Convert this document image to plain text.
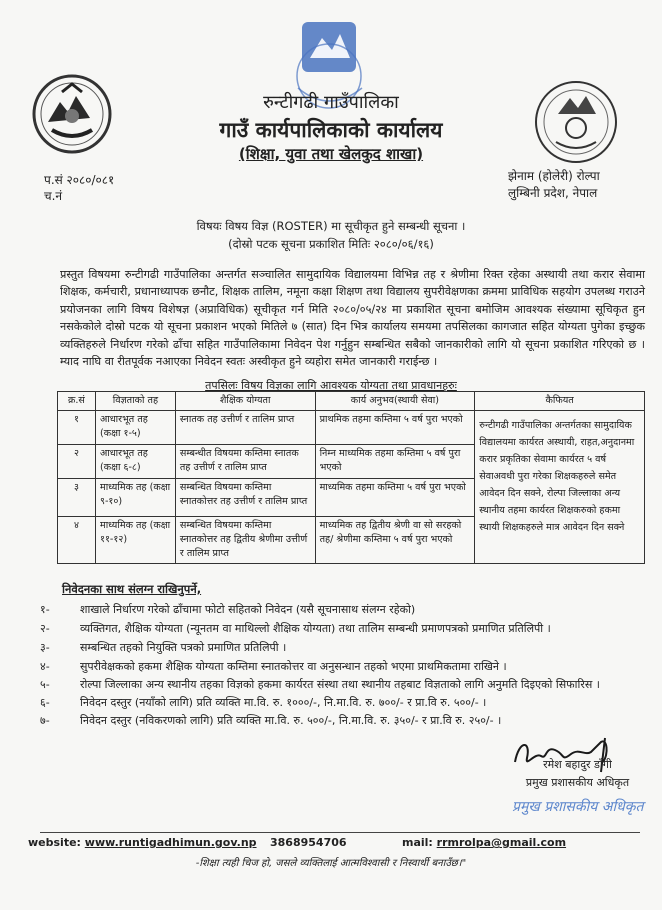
रुन्टीगढी गाउँपालिका
गाउँ कार्यपालिकाको कार्यालय
(शिक्षा, युवा तथा खेलकुद शाखा)
प.सं २०८०/०८१
च.नं
झेनाम (होलेरी) रोल्पा
लुम्बिनी प्रदेश, नेपाल
विषयः विषय विज्ञ (ROSTER) मा सूचीकृत हुने सम्बन्धी सूचना ।
(दोस्रो पटक सूचना प्रकाशित मितिः २०८०/०६/१६)
प्रस्तुत विषयमा रुन्टीगढी गाउँपालिका अन्तर्गत सञ्चालित सामुदायिक विद्यालयमा विभिन्न तह र श्रेणीमा रिक्त रहेका अस्थायी तथा करार सेवामा शिक्षक, कर्मचारी, प्रधानाध्यापक छनौट, शिक्षक तालिम, नमूना कक्षा शिक्षण तथा विद्यालय सुपरीवेक्षणका क्रममा प्राविधिक सहयोग उपलब्ध गराउने प्रयोजनका लागि विषय विशेषज्ञ (अप्राविधिक) सूचीकृत गर्न मिति २०८०/०५/२४ मा प्रकाशित सूचना बमोजिम आवश्यक संख्यामा सूचिकृत हुन नसकेकोले दोस्रो पटक यो सूचना प्रकाशन भएको मितिले ७ (सात) दिन भित्र कार्यालय समयमा तपसिलका कागजात सहित योग्यता पुगेका इच्छुक व्यक्तिहरुले निर्धारण गरेको ढाँचा सहित गाउँपालिकामा निवेदन पेश गर्नुहुन सम्बन्धित सबैको जानकारीको लागि यो सूचना प्रकाशित गरिएको छ । म्याद नाघि वा रीतपूर्वक नआएका निवेदन स्वतः अस्वीकृत हुने व्यहोरा समेत जानकारी गराईन्छ ।
तपसिलः विषय विज्ञका लागि आवश्यक योग्यता तथा प्रावधानहरुः
क्र.सं	विज्ञताको तह	शैक्षिक योग्यता	कार्य अनुभव(स्थायी सेवा)	कैफियत
१	आधारभूत तह (कक्षा १-५)	स्नातक तह उत्तीर्ण र तालिम प्राप्त	प्राथमिक तहमा कम्तिमा ५ वर्ष पुरा भएको	रुन्टीगढी गाउँपालिका अन्तर्गतका सामुदायिक विद्यालयमा कार्यरत अस्थायी, राहत,अनुदानमा करार प्रकृतिका सेवामा कार्यरत ५ वर्ष सेवाअवधी पुरा गरेका शिक्षकहरुले समेत आवेदन दिन सक्ने, रोल्पा जिल्लाका अन्य स्थानीय तहमा कार्यरत शिक्षकरुको हकमा स्थायी शिक्षकहरुले मात्र आवेदन दिन सक्ने
२	आधारभूत तह (कक्षा ६-८)	सम्बन्धीत विषयमा कम्तिमा स्नातक तह उत्तीर्ण र तालिम प्राप्त	निम्न माध्यमिक तहमा कम्तिमा ५ वर्ष पुरा भएको	
३	माध्यमिक तह (कक्षा ९-१०)	सम्बन्धित विषयमा कम्तिमा स्नातकोत्तर तह उत्तीर्ण र तालिम प्राप्त	माध्यमिक तहमा कम्तिमा ५ वर्ष पुरा भएको	
४	माध्यमिक तह (कक्षा ११-१२)	सम्बन्धित विषयमा कम्तिमा स्नातकोत्तर तह द्वितीय श्रेणीमा उत्तीर्ण र तालिम प्राप्त	माध्यमिक तह द्वितीय श्रेणी वा सो सरहको तह/ श्रेणीमा कम्तिमा ५ वर्ष पुरा भएको	
निवेदनका साथ संलग्न राखिनुपर्ने,
१-	शाखाले निर्धारण गरेको ढाँचामा फोटो सहितको निवेदन (यसै सूचनासाथ संलग्न रहेको)
२-	व्यक्तिगत, शैक्षिक योग्यता (न्यूनतम वा माथिल्लो शैक्षिक योग्यता) तथा तालिम सम्बन्धी प्रमाणपत्रको प्रमाणित प्रतिलिपी ।
३-	सम्बन्धित तहको नियुक्ति पत्रको प्रमाणित प्रतिलिपी ।
४-	सुपरीवेक्षकको हकमा शैक्षिक योग्यता कम्तिमा स्नातकोत्तर वा अनुसन्धान तहको भएमा प्राथमिकतामा राखिने ।
५-	रोल्पा जिल्लाका अन्य स्थानीय तहका विज्ञको हकमा कार्यरत संस्था तथा स्थानीय तहबाट विज्ञताको लागि अनुमति दिइएको सिफारिस ।
६-	निवेदन दस्तुर (नयाँको लागि) प्रति व्यक्ति मा.वि. रु. १०००/-, नि.मा.वि. रु. ७००/- र प्रा.वि रु. ५००/- ।
७-	निवेदन दस्तुर (नविकरणको लागि) प्रति व्यक्ति मा.वि. रु. ५००/-, नि.मा.वि. रु. ३५०/- र प्रा.वि रु. २५०/- ।
रमेश बहादुर डाँगी
प्रमुख प्रशासकीय अधिकृत
प्रमुख प्रशासकीय अधिकृत
website: www.runtigadhimun.gov.np 3868954706	mail: rrmrolpa@gmail.com
-शिक्षा त्यही चिज हो, जसले व्यक्तिलाई आत्मविश्वासी र निस्वार्थी बनाउँछ।"
